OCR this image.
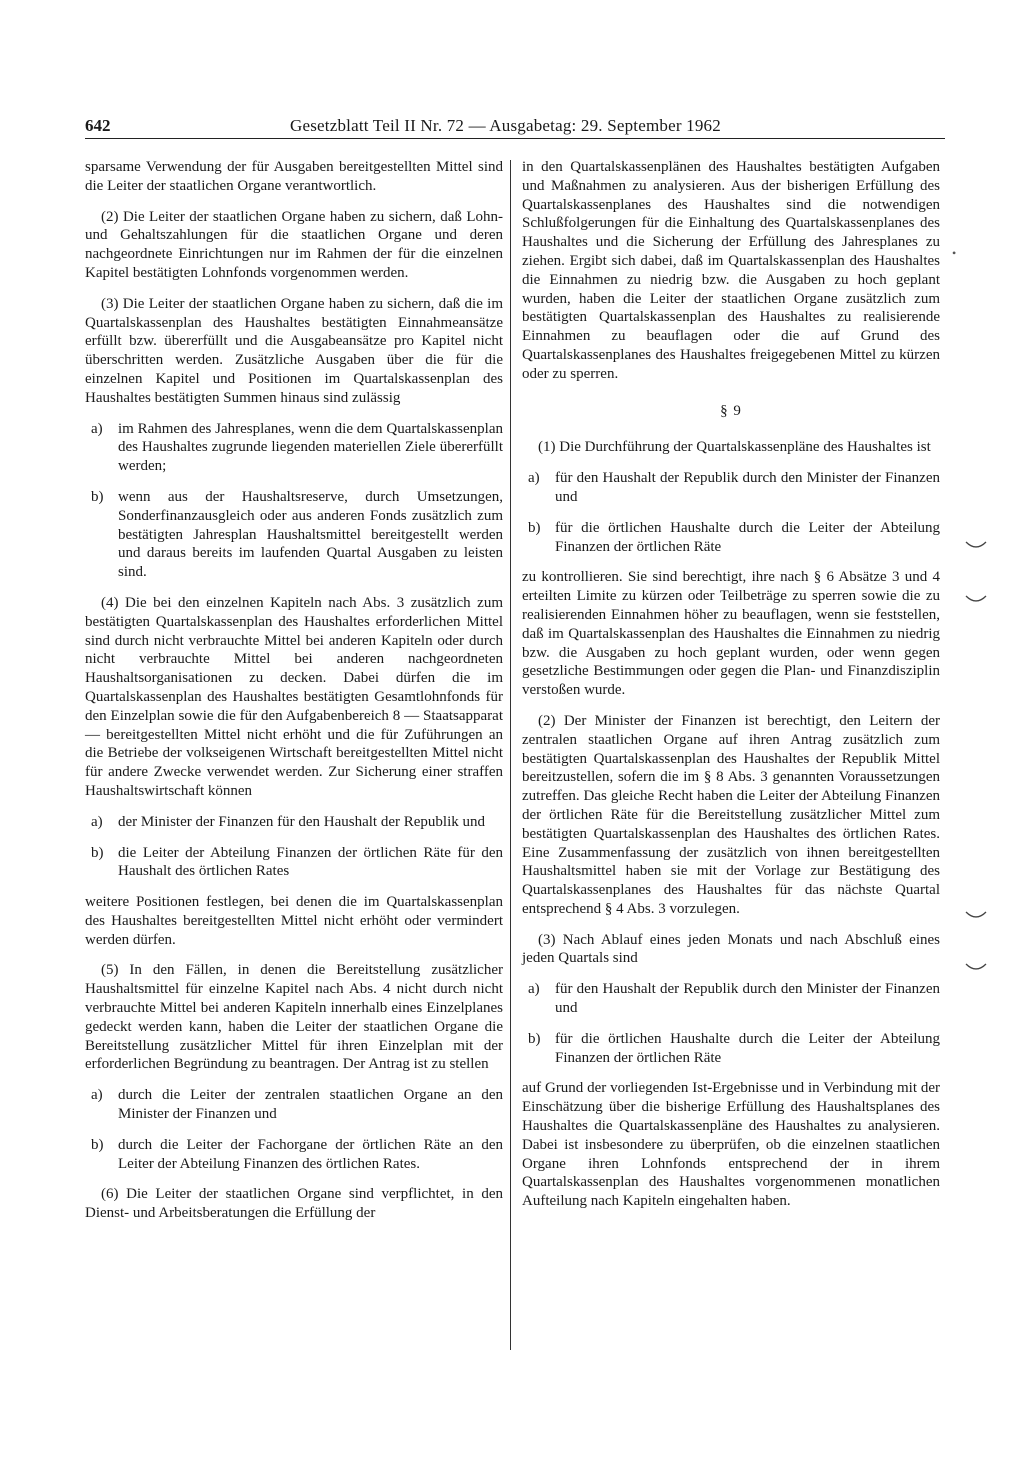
642	Gesetzblatt Teil II Nr. 72 — Ausgabetag: 29. September 1962

sparsame Verwendung der für Ausgaben bereitgestellten Mittel sind die Leiter der staatlichen Organe verantwortlich.

(2) Die Leiter der staatlichen Organe haben zu sichern, daß Lohn- und Gehaltszahlungen für die staatlichen Organe und deren nachgeordnete Einrichtungen nur im Rahmen der für die einzelnen Kapitel bestätigten Lohnfonds vorgenommen werden.

(3) Die Leiter der staatlichen Organe haben zu sichern, daß die im Quartalskassenplan des Haushaltes bestätigten Einnahmeansätze erfüllt bzw. übererfüllt und die Ausgabeansätze pro Kapitel nicht überschritten werden. Zusätzliche Ausgaben über die für die einzelnen Kapitel und Positionen im Quartalskassenplan des Haushaltes bestätigten Summen hinaus sind zulässig

a) im Rahmen des Jahresplanes, wenn die dem Quartalskassenplan des Haushaltes zugrunde liegenden materiellen Ziele übererfüllt werden;
b) wenn aus der Haushaltsreserve, durch Umsetzungen, Sonderfinanzausgleich oder aus anderen Fonds zusätzlich zum bestätigten Jahresplan Haushaltsmittel bereitgestellt werden und daraus bereits im laufenden Quartal Ausgaben zu leisten sind.

(4) Die bei den einzelnen Kapiteln nach Abs. 3 zusätzlich zum bestätigten Quartalskassenplan des Haushaltes erforderlichen Mittel sind durch nicht verbrauchte Mittel bei anderen Kapiteln oder durch nicht verbrauchte Mittel bei anderen nachgeordneten Haushaltsorganisationen zu decken. Dabei dürfen die im Quartalskassenplan des Haushaltes bestätigten Gesamtlohnfonds für den Einzelplan sowie die für den Aufgabenbereich 8 — Staatsapparat — bereitgestellten Mittel nicht erhöht und die für Zuführungen an die Betriebe der volkseigenen Wirtschaft bereitgestellten Mittel nicht für andere Zwecke verwendet werden. Zur Sicherung einer straffen Haushaltswirtschaft können

a) der Minister der Finanzen für den Haushalt der Republik und
b) die Leiter der Abteilung Finanzen der örtlichen Räte für den Haushalt des örtlichen Rates

weitere Positionen festlegen, bei denen die im Quartalskassenplan des Haushaltes bereitgestellten Mittel nicht erhöht oder vermindert werden dürfen.

(5) In den Fällen, in denen die Bereitstellung zusätzlicher Haushaltsmittel für einzelne Kapitel nach Abs. 4 nicht durch nicht verbrauchte Mittel bei anderen Kapiteln innerhalb eines Einzelplanes gedeckt werden kann, haben die Leiter der staatlichen Organe die Bereitstellung zusätzlicher Mittel für ihren Einzelplan mit der erforderlichen Begründung zu beantragen. Der Antrag ist zu stellen

a) durch die Leiter der zentralen staatlichen Organe an den Minister der Finanzen und
b) durch die Leiter der Fachorgane der örtlichen Räte an den Leiter der Abteilung Finanzen des örtlichen Rates.

(6) Die Leiter der staatlichen Organe sind verpflichtet, in den Dienst- und Arbeitsberatungen die Erfüllung der

in den Quartalskassenplänen des Haushaltes bestätigten Aufgaben und Maßnahmen zu analysieren. Aus der bisherigen Erfüllung des Quartalskassenplanes des Haushaltes sind die notwendigen Schlußfolgerungen für die Einhaltung des Quartalskassenplanes des Haushaltes und die Sicherung der Erfüllung des Jahresplanes zu ziehen. Ergibt sich dabei, daß im Quartalskassenplan des Haushaltes die Einnahmen zu niedrig bzw. die Ausgaben zu hoch geplant wurden, haben die Leiter der staatlichen Organe zusätzlich zum bestätigten Quartalskassenplan des Haushaltes zu realisierende Einnahmen zu beauflagen oder die auf Grund des Quartalskassenplanes des Haushaltes freigegebenen Mittel zu kürzen oder zu sperren.

§ 9

(1) Die Durchführung der Quartalskassenpläne des Haushaltes ist

a) für den Haushalt der Republik durch den Minister der Finanzen und
b) für die örtlichen Haushalte durch die Leiter der Abteilung Finanzen der örtlichen Räte

zu kontrollieren. Sie sind berechtigt, ihre nach § 6 Absätze 3 und 4 erteilten Limite zu kürzen oder Teilbeträge zu sperren sowie die zu realisierenden Einnahmen höher zu beauflagen, wenn sie feststellen, daß im Quartalskassenplan des Haushaltes die Einnahmen zu niedrig bzw. die Ausgaben zu hoch geplant wurden, oder wenn gegen gesetzliche Bestimmungen oder gegen die Plan- und Finanzdisziplin verstoßen wurde.

(2) Der Minister der Finanzen ist berechtigt, den Leitern der zentralen staatlichen Organe auf ihren Antrag zusätzlich zum bestätigten Quartalskassenplan des Haushaltes der Republik Mittel bereitzustellen, sofern die im § 8 Abs. 3 genannten Voraussetzungen zutreffen. Das gleiche Recht haben die Leiter der Abteilung Finanzen der örtlichen Räte für die Bereitstellung zusätzlicher Mittel zum bestätigten Quartalskassenplan des Haushaltes des örtlichen Rates. Eine Zusammenfassung der zusätzlich von ihnen bereitgestellten Haushaltsmittel haben sie mit der Vorlage zur Bestätigung des Quartalskassenplanes des Haushaltes für das nächste Quartal entsprechend § 4 Abs. 3 vorzulegen.

(3) Nach Ablauf eines jeden Monats und nach Abschluß eines jeden Quartals sind

a) für den Haushalt der Republik durch den Minister der Finanzen und
b) für die örtlichen Haushalte durch die Leiter der Abteilung Finanzen der örtlichen Räte

auf Grund der vorliegenden Ist-Ergebnisse und in Verbindung mit der Einschätzung über die bisherige Erfüllung des Haushaltsplanes des Haushaltes die Quartalskassenpläne des Haushaltes zu analysieren. Dabei ist insbesondere zu überprüfen, ob die einzelnen staatlichen Organe ihren Lohnfonds entsprechend der in ihrem Quartalskassenplan des Haushaltes vorgenommenen monatlichen Aufteilung nach Kapiteln eingehalten haben.

•
